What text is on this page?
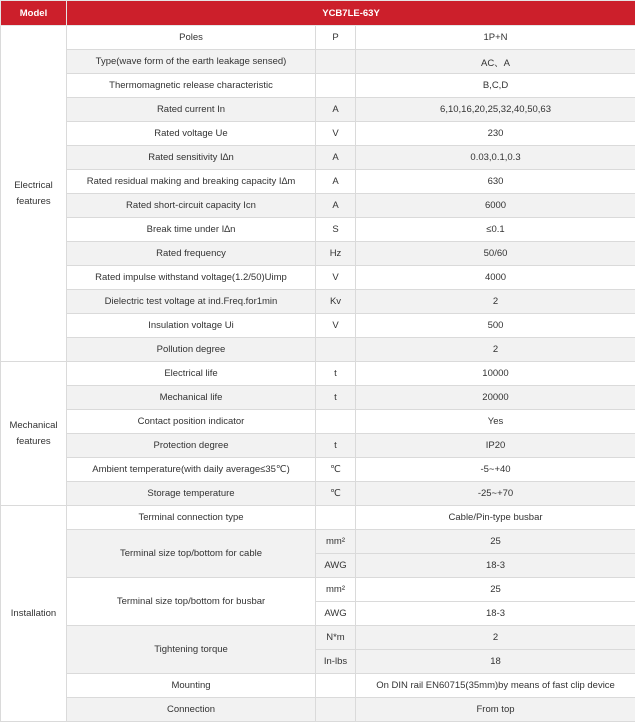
Model	YCB7LE-63Y		
Electrical features	Poles	P	1P+N
	Type(wave form of the earth leakage sensed)		AC、A
	Thermomagnetic release characteristic		B,C,D
	Rated current In	A	6,10,16,20,25,32,40,50,63
	Rated voltage Ue	V	230
	Rated sensitivity I∆n	A	0.03,0.1,0.3
	Rated residual making and breaking capacity I∆m	A	630
	Rated short-circuit capacity Icn	A	6000
	Break time under I∆n	S	≤0.1
	Rated frequency	Hz	50/60
	Rated impulse withstand voltage(1.2/50)Uimp	V	4000
	Dielectric test voltage at ind.Freq.for1min	Kv	2
	Insulation voltage Ui	V	500
	Pollution degree		2
Mechanical features	Electrical life	t	10000
	Mechanical life	t	20000
	Contact position indicator		Yes
	Protection degree	t	IP20
	Ambient temperature(with daily average≤35℃)	℃	-5~+40
	Storage temperature	℃	-25~+70
Installation	Terminal connection type		Cable/Pin-type busbar
	Terminal size top/bottom for cable	mm²	25
		AWG	18-3
	Terminal size top/bottom for busbar	mm²	25
		AWG	18-3
	Tightening torque	N*m	2
		In-lbs	18
	Mounting		On DIN rail EN60715(35mm)by means of fast clip device
	Connection		From top
